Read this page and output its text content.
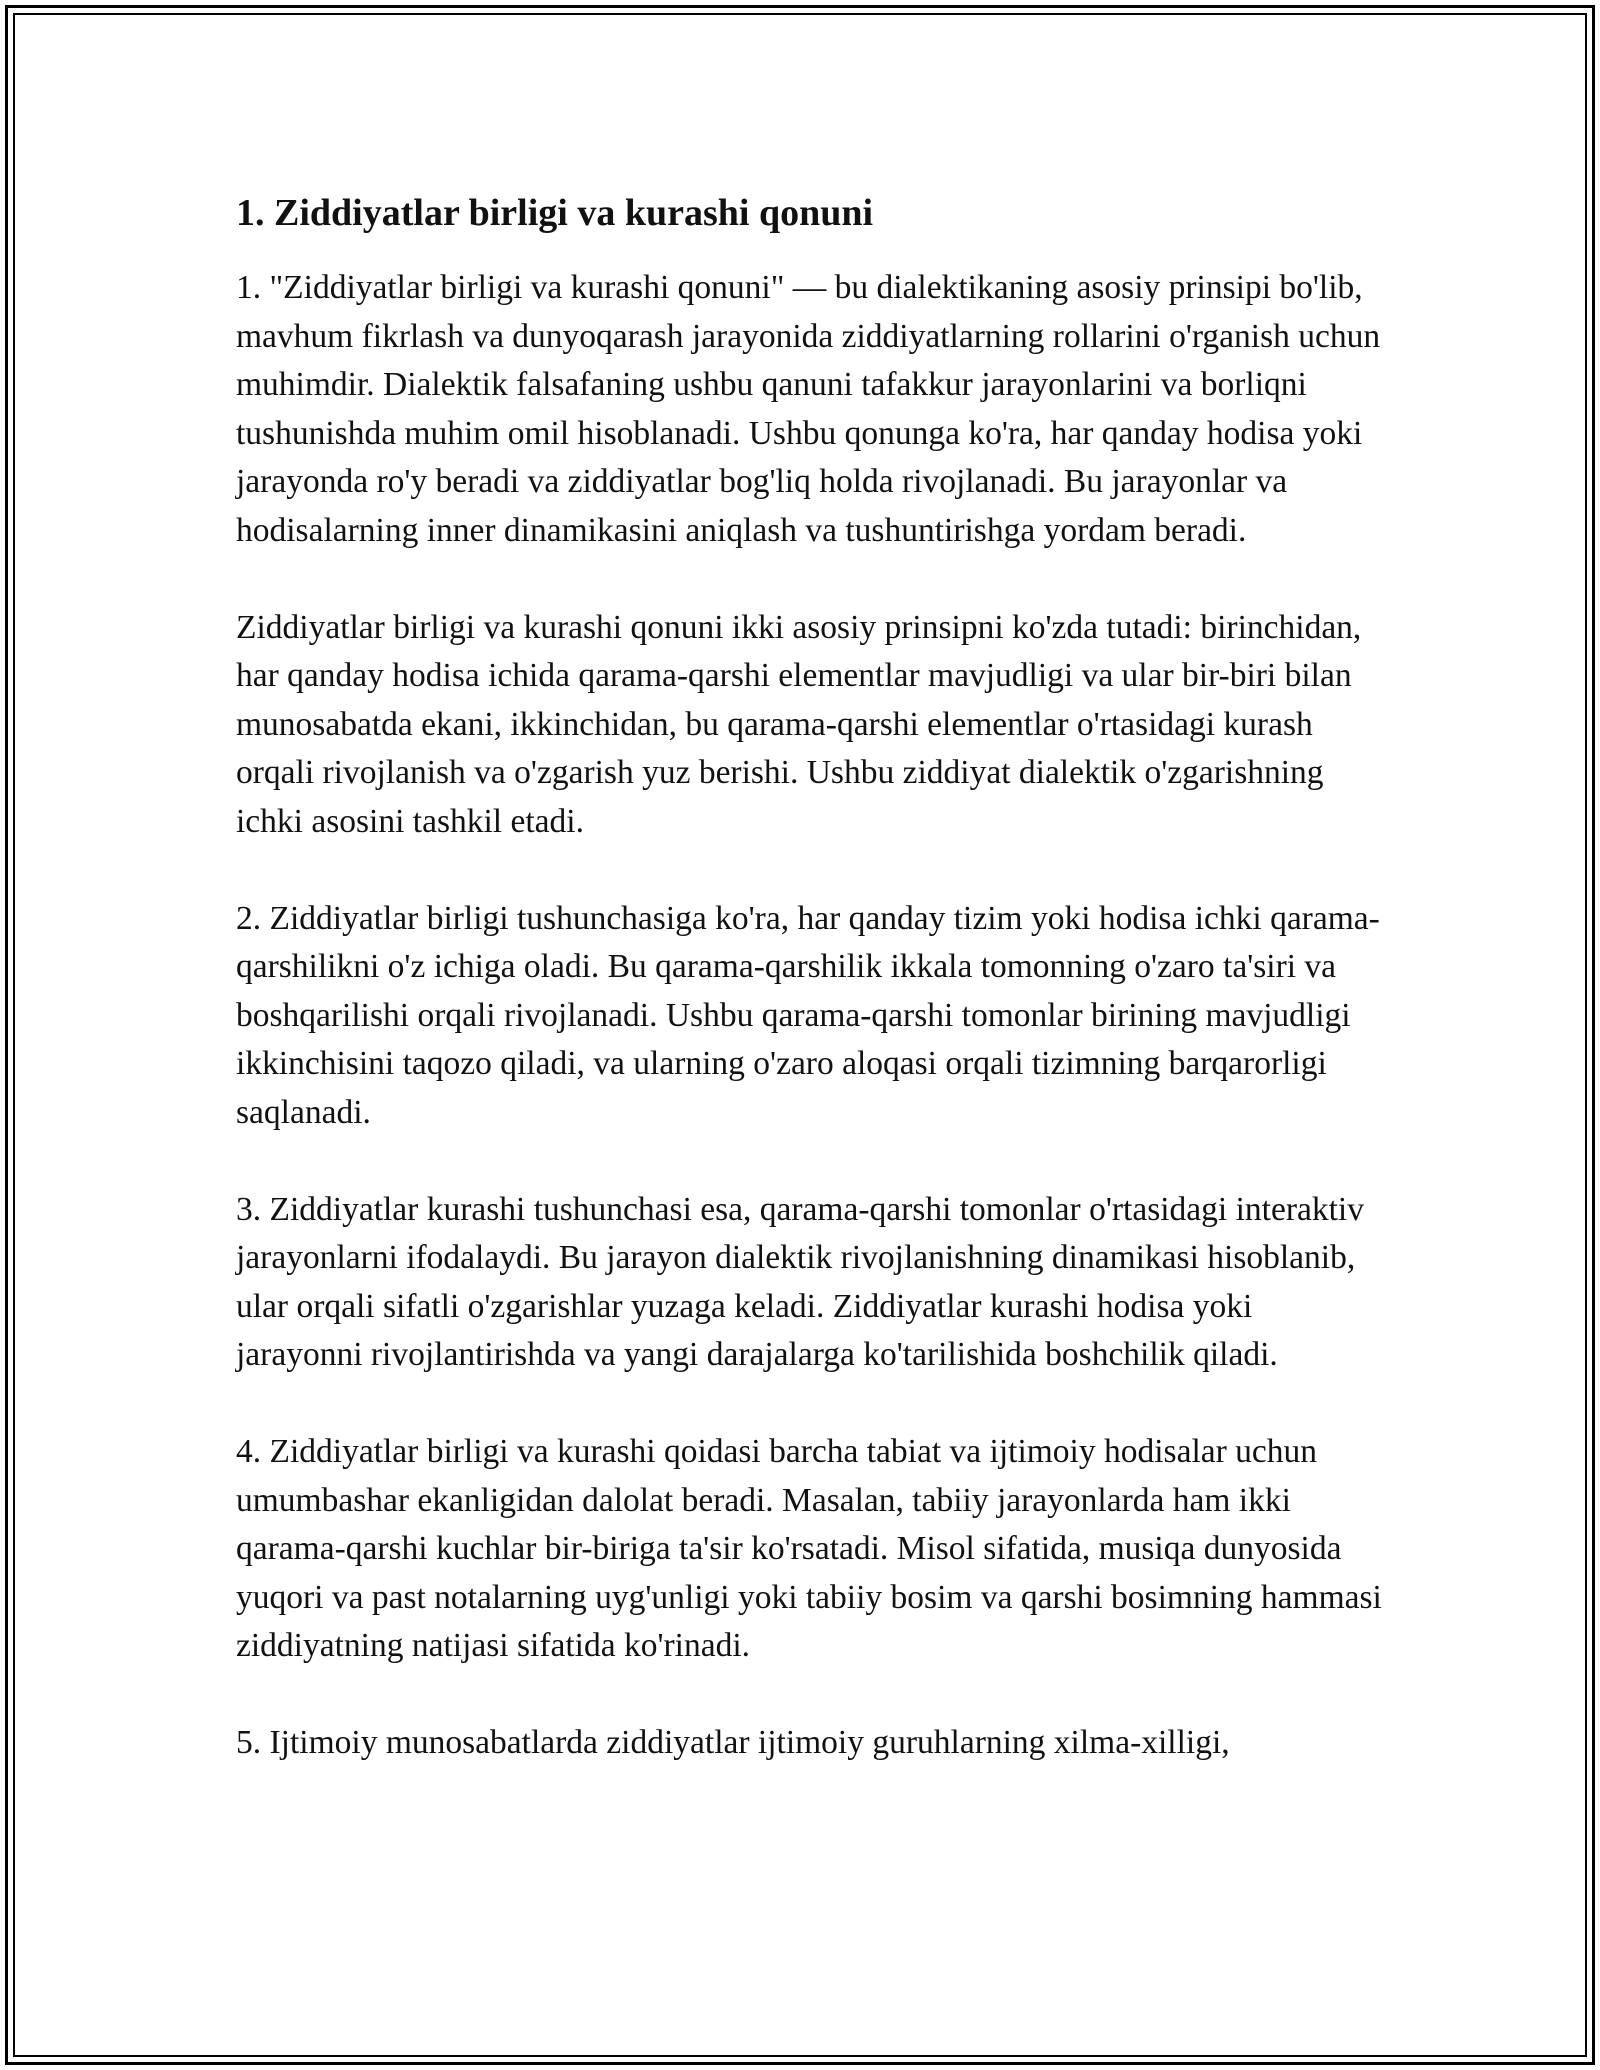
1. Ziddiyatlar birligi va kurashi qonuni

1. "Ziddiyatlar birligi va kurashi qonuni" — bu dialektikaning asosiy prinsipi bo'lib, mavhum fikrlash va dunyoqarash jarayonida ziddiyatlarning rollarini o'rganish uchun muhimdir. Dialektik falsafaning ushbu qanuni tafakkur jarayonlarini va borliqni tushunishda muhim omil hisoblanadi. Ushbu qonunga ko'ra, har qanday hodisa yoki jarayonda ro'y beradi va ziddiyatlar bog'liq holda rivojlanadi. Bu jarayonlar va hodisalarning inner dinamikasini aniqlash va tushuntirishga yordam beradi.

Ziddiyatlar birligi va kurashi qonuni ikki asosiy prinsipni ko'zda tutadi: birinchidan, har qanday hodisa ichida qarama-qarshi elementlar mavjudligi va ular bir-biri bilan munosabatda ekani, ikkinchidan, bu qarama-qarshi elementlar o'rtasidagi kurash orqali rivojlanish va o'zgarish yuz berishi. Ushbu ziddiyat dialektik o'zgarishning ichki asosini tashkil etadi.

2. Ziddiyatlar birligi tushunchasiga ko'ra, har qanday tizim yoki hodisa ichki qarama-qarshilikni o'z ichiga oladi. Bu qarama-qarshilik ikkala tomonning o'zaro ta'siri va boshqarilishi orqali rivojlanadi. Ushbu qarama-qarshi tomonlar birining mavjudligi ikkinchisini taqozo qiladi, va ularning o'zaro aloqasi orqali tizimning barqarorligi saqlanadi.

3. Ziddiyatlar kurashi tushunchasi esa, qarama-qarshi tomonlar o'rtasidagi interaktiv jarayonlarni ifodalaydi. Bu jarayon dialektik rivojlanishning dinamikasi hisoblanib, ular orqali sifatli o'zgarishlar yuzaga keladi. Ziddiyatlar kurashi hodisa yoki jarayonni rivojlantirishda va yangi darajalarga ko'tarilishida boshchilik qiladi.

4. Ziddiyatlar birligi va kurashi qoidasi barcha tabiat va ijtimoiy hodisalar uchun umumbashar ekanligidan dalolat beradi. Masalan, tabiiy jarayonlarda ham ikki qarama-qarshi kuchlar bir-biriga ta'sir ko'rsatadi. Misol sifatida, musiqa dunyosida yuqori va past notalarning uyg'unligi yoki tabiiy bosim va qarshi bosimning hammasi ziddiyatning natijasi sifatida ko'rinadi.

5. Ijtimoiy munosabatlarda ziddiyatlar ijtimoiy guruhlarning xilma-xilligi,
